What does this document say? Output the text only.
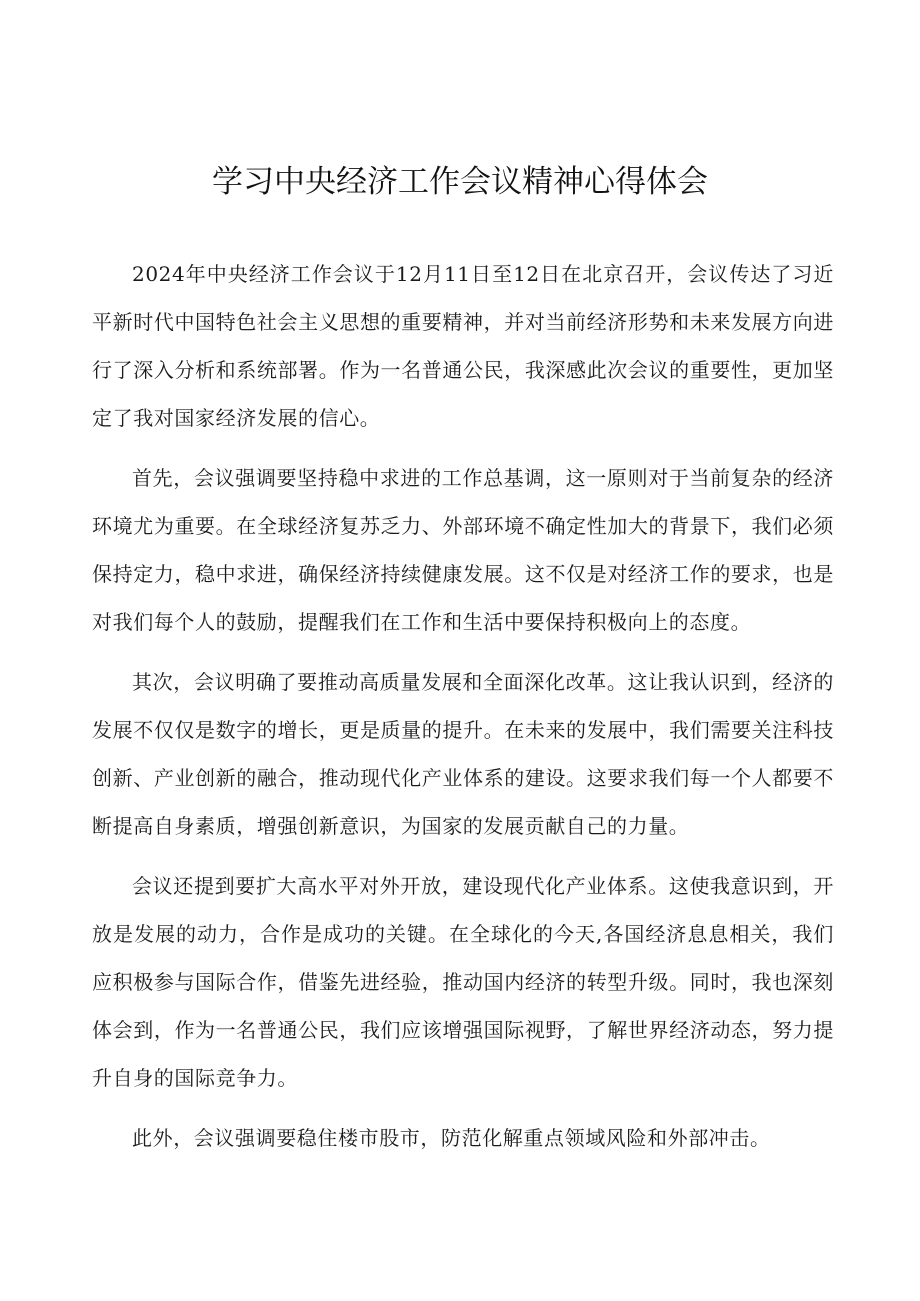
学习中央经济工作会议精神心得体会

2024年中央经济工作会议于12月11日至12日在北京召开，会议传达了习近平新时代中国特色社会主义思想的重要精神，并对当前经济形势和未来发展方向进行了深入分析和系统部署。作为一名普通公民，我深感此次会议的重要性，更加坚定了我对国家经济发展的信心。

首先，会议强调要坚持稳中求进的工作总基调，这一原则对于当前复杂的经济环境尤为重要。在全球经济复苏乏力、外部环境不确定性加大的背景下，我们必须保持定力，稳中求进，确保经济持续健康发展。这不仅是对经济工作的要求，也是对我们每个人的鼓励，提醒我们在工作和生活中要保持积极向上的态度。

其次，会议明确了要推动高质量发展和全面深化改革。这让我认识到，经济的发展不仅仅是数字的增长，更是质量的提升。在未来的发展中，我们需要关注科技创新、产业创新的融合，推动现代化产业体系的建设。这要求我们每一个人都要不断提高自身素质，增强创新意识，为国家的发展贡献自己的力量。

会议还提到要扩大高水平对外开放，建设现代化产业体系。这使我意识到，开放是发展的动力，合作是成功的关键。在全球化的今天,各国经济息息相关，我们应积极参与国际合作，借鉴先进经验，推动国内经济的转型升级。同时，我也深刻体会到，作为一名普通公民，我们应该增强国际视野，了解世界经济动态，努力提升自身的国际竞争力。

此外，会议强调要稳住楼市股市，防范化解重点领域风险和外部冲击。
